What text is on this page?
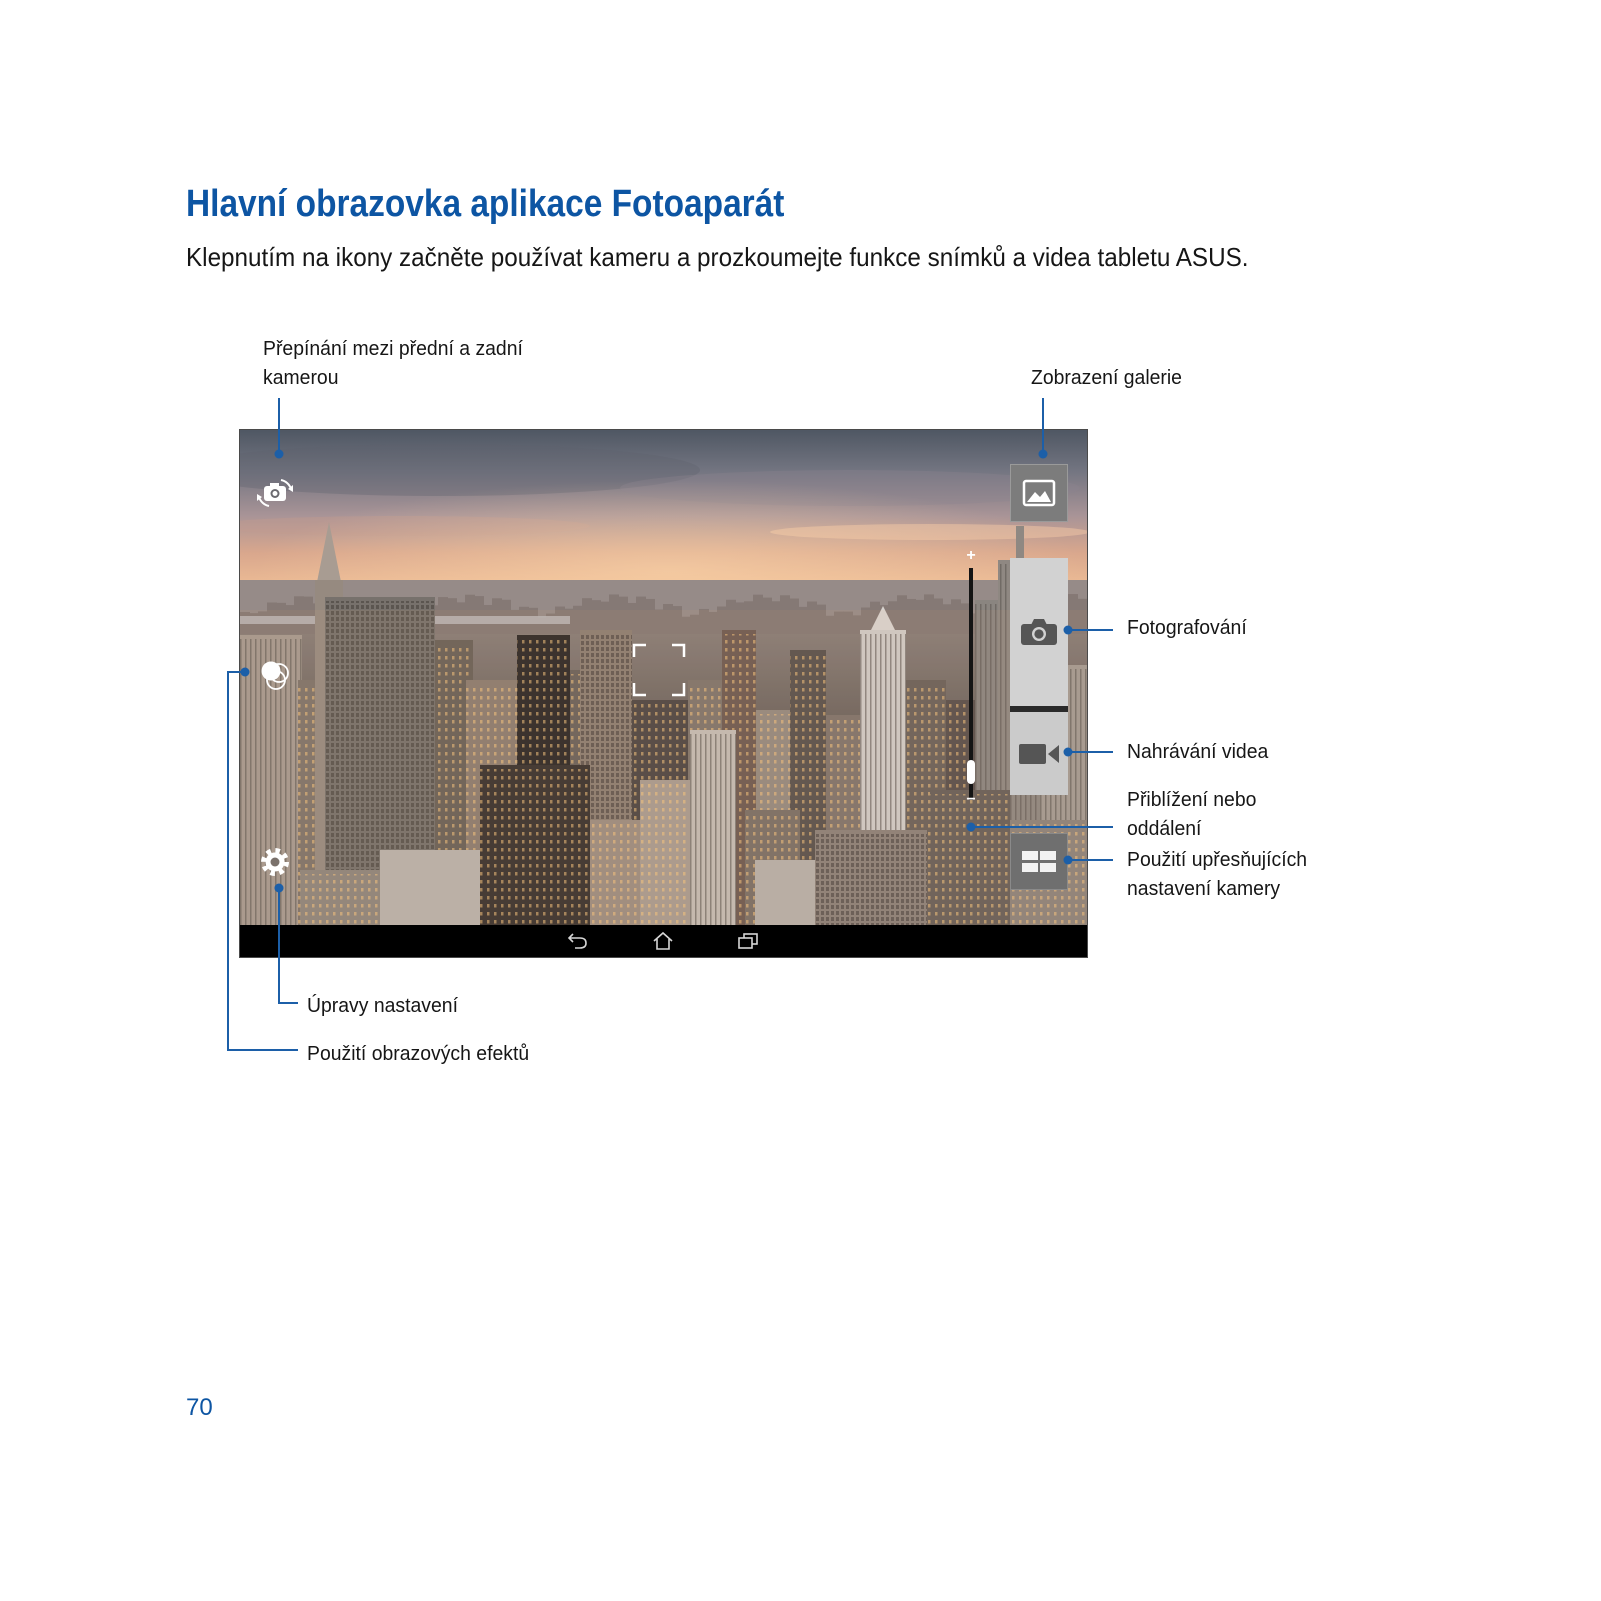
Hlavní obrazovka aplikace Fotoaparát
Klepnutím na ikony začněte používat kameru a prozkoumejte funkce snímků a videa tabletu ASUS.
Přepínání mezi přední a zadní
kamerou	Zobrazení galerie
Fotografování
Nahrávání videa
Přiblížení nebo
oddálení
Použití upřesňujících
nastavení kamery
Úpravy nastavení
Použití obrazových efektů
+
−
70
